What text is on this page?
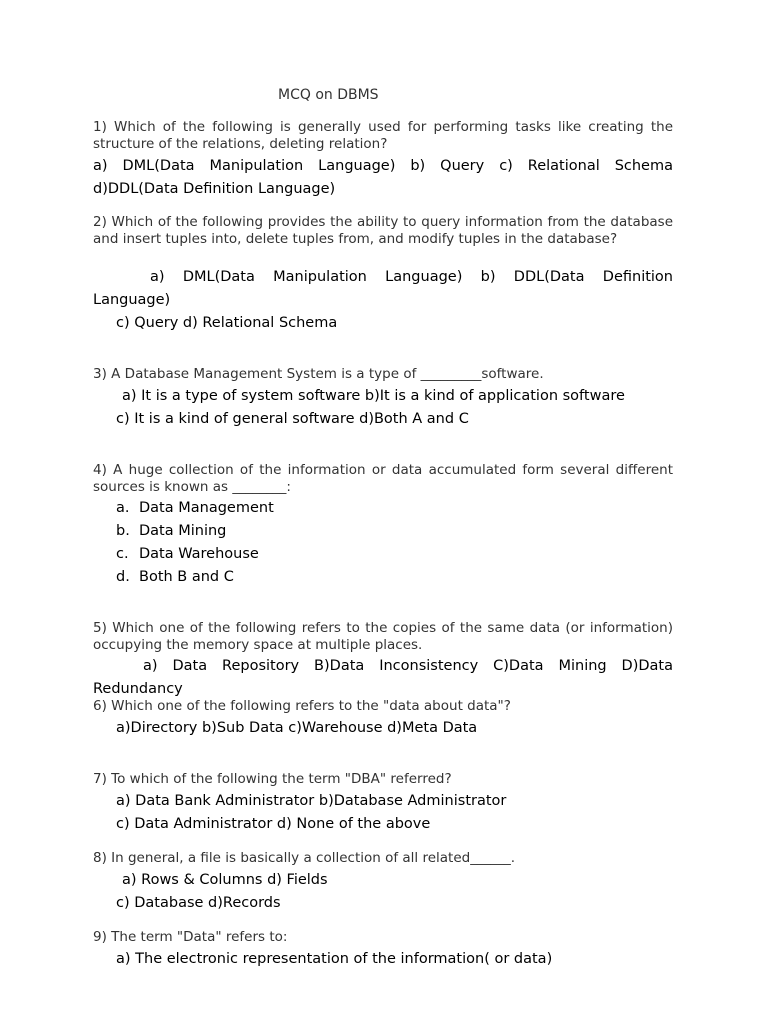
MCQ on DBMS
1) Which of the following is generally used for performing tasks like creating the structure of the relations, deleting relation?
a) DML(Data Manipulation Language) b) Query c) Relational Schema
d)DDL(Data Definition Language)
2) Which of the following provides the ability to query information from the database and insert tuples into, delete tuples from, and modify tuples in the database?
a) DML(Data Manipulation Language) b) DDL(Data Definition
Language)
c) Query d) Relational Schema
3) A Database Management System is a type of _________software.
a) It is a type of system software b)It is a kind of application software
c) It is a kind of general software d)Both A and C
4) A huge collection of the information or data accumulated form several different sources is known as ________:
a. Data Management
b. Data Mining
c. Data Warehouse
d. Both B and C
5) Which one of the following refers to the copies of the same data (or information) occupying the memory space at multiple places.
a) Data Repository B)Data Inconsistency C)Data Mining D)Data
Redundancy
6) Which one of the following refers to the "data about data"?
a)Directory b)Sub Data c)Warehouse d)Meta Data
7) To which of the following the term "DBA" referred?
a) Data Bank Administrator b)Database Administrator
c) Data Administrator d) None of the above
8) In general, a file is basically a collection of all related______.
a) Rows & Columns d) Fields
c) Database d)Records
9) The term "Data" refers to:
a) The electronic representation of the information( or data)
